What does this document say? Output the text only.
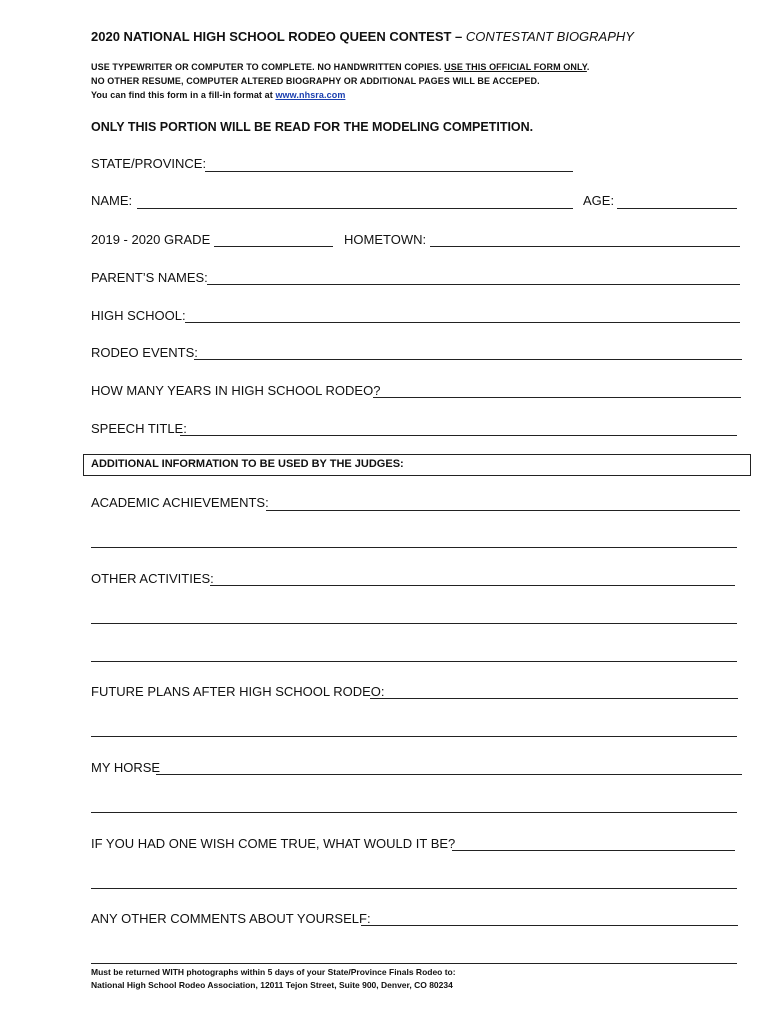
2020 NATIONAL HIGH SCHOOL RODEO QUEEN CONTEST – CONTESTANT BIOGRAPHY
USE TYPEWRITER OR COMPUTER TO COMPLETE. NO HANDWRITTEN COPIES. USE THIS OFFICIAL FORM ONLY.
NO OTHER RESUME, COMPUTER ALTERED BIOGRAPHY OR ADDITIONAL PAGES WILL BE ACCEPED.
You can find this form in a fill-in format at www.nhsra.com
ONLY THIS PORTION WILL BE READ FOR THE MODELING COMPETITION.
STATE/PROVINCE:
NAME:	AGE:
2019 - 2020 GRADE	HOMETOWN:
PARENT’S NAMES:
HIGH SCHOOL:
RODEO EVENTS:
HOW MANY YEARS IN HIGH SCHOOL RODEO?
SPEECH TITLE:
ADDITIONAL INFORMATION TO BE USED BY THE JUDGES:
ACADEMIC ACHIEVEMENTS:
OTHER ACTIVITIES:
FUTURE PLANS AFTER HIGH SCHOOL RODEO:
MY HORSE
IF YOU HAD ONE WISH COME TRUE, WHAT WOULD IT BE?
ANY OTHER COMMENTS ABOUT YOURSELF:
Must be returned WITH photographs within 5 days of your State/Province Finals Rodeo to:
National High School Rodeo Association, 12011 Tejon Street, Suite 900, Denver, CO 80234
